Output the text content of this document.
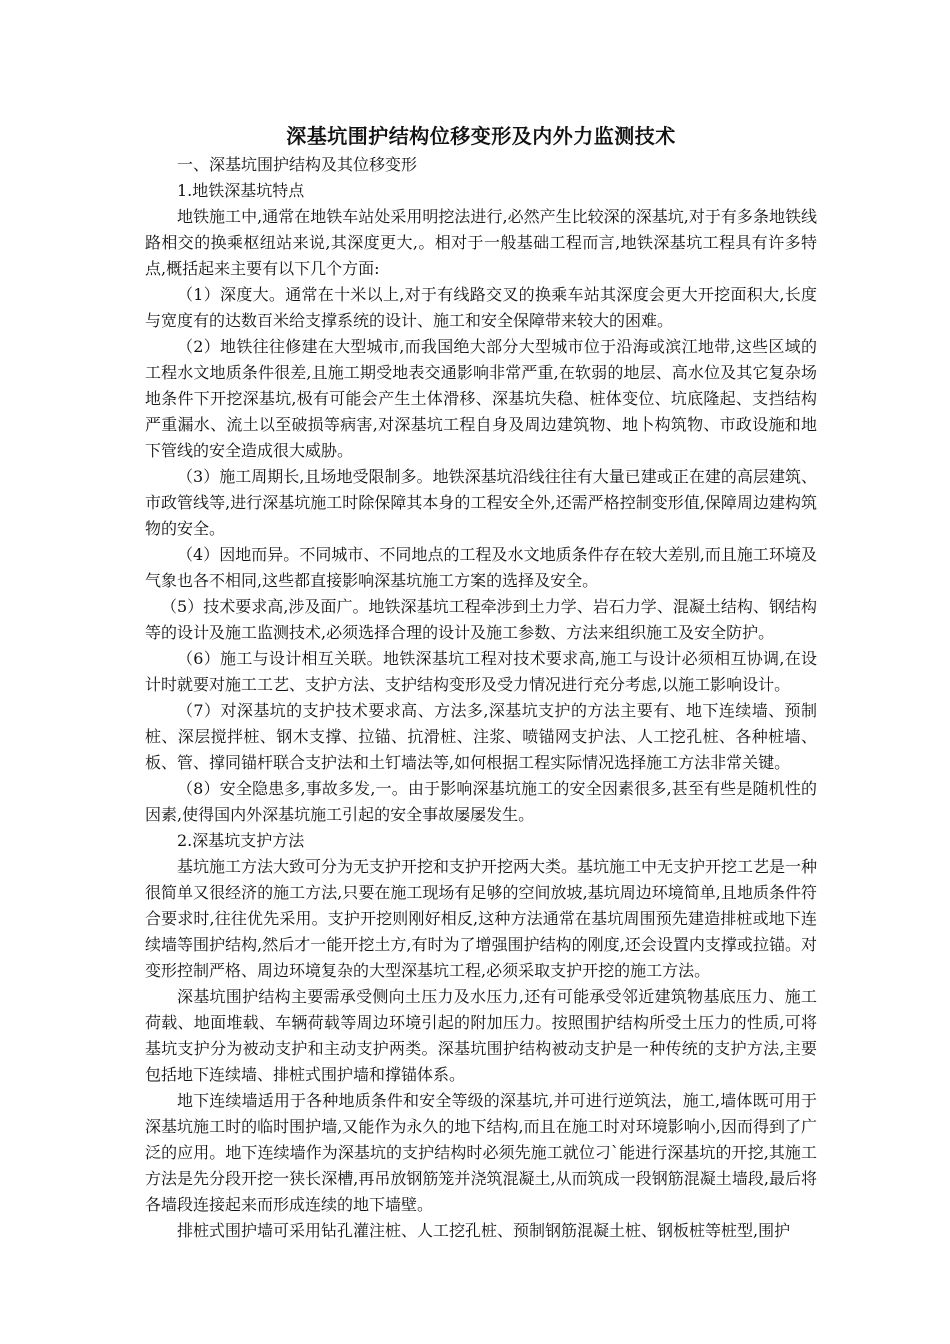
深基坑围护结构位移变形及内外力监测技术

一、深基坑围护结构及其位移变形

1.地铁深基坑特点

地铁施工中,通常在地铁车站处采用明挖法进行,必然产生比较深的深基坑,对于有多条地铁线路相交的换乘枢纽站来说,其深度更大,。相对于一般基础工程而言,地铁深基坑工程具有许多特点,概括起来主要有以下几个方面:

（1）深度大。通常在十米以上,对于有线路交叉的换乘车站其深度会更大开挖面积大,长度与宽度有的达数百米给支撑系统的设计、施工和安全保障带来较大的困难。

（2）地铁往往修建在大型城市,而我国绝大部分大型城市位于沿海或滨江地带,这些区域的工程水文地质条件很差,且施工期受地表交通影响非常严重,在软弱的地层、高水位及其它复杂场地条件下开挖深基坑,极有可能会产生土体滑移、深基坑失稳、桩体变位、坑底隆起、支挡结构严重漏水、流土以至破损等病害,对深基坑工程自身及周边建筑物、地卜构筑物、市政设施和地下管线的安全造成很大威胁。

（3）施工周期长,且场地受限制多。地铁深基坑沿线往往有大量已建或正在建的高层建筑、市政管线等,进行深基坑施工时除保障其本身的工程安全外,还需严格控制变形值,保障周边建构筑物的安全。

（4）因地而异。不同城市、不同地点的工程及水文地质条件存在较大差别,而且施工环境及气象也各不相同,这些都直接影响深基坑施工方案的选择及安全。

（5）技术要求高,涉及面广。地铁深基坑工程牵涉到土力学、岩石力学、混凝土结构、钢结构等的设计及施工监测技术,必须选择合理的设计及施工参数、方法来组织施工及安全防护。

（6）施工与设计相互关联。地铁深基坑工程对技术要求高,施工与设计必须相互协调,在设计时就要对施工工艺、支护方法、支护结构变形及受力情况进行充分考虑,以施工影响设计。

（7）对深基坑的支护技术要求高、方法多,深基坑支护的方法主要有、地下连续墙、预制桩、深层搅拌桩、钢木支撑、拉锚、抗滑桩、注浆、喷锚网支护法、人工挖孔桩、各种桩墙、板、管、撑同锚杆联合支护法和土钉墙法等,如何根据工程实际情况选择施工方法非常关键。

（8）安全隐患多,事故多发,一。由于影响深基坑施工的安全因素很多,甚至有些是随机性的因素,使得国内外深基坑施工引起的安全事故屡屡发生。

2.深基坑支护方法

基坑施工方法大致可分为无支护开挖和支护开挖两大类。基坑施工中无支护开挖工艺是一种很简单又很经济的施工方法,只要在施工现场有足够的空间放坡,基坑周边环境简单,且地质条件符合要求时,往往优先采用。支护开挖则刚好相反,这种方法通常在基坑周围预先建造排桩或地下连续墙等围护结构,然后才一能开挖土方,有时为了增强围护结构的刚度,还会设置内支撑或拉锚。对变形控制严格、周边环境复杂的大型深基坑工程,必须采取支护开挖的施工方法。

深基坑围护结构主要需承受侧向土压力及水压力,还有可能承受邻近建筑物基底压力、施工荷载、地面堆载、车辆荷载等周边环境引起的附加压力。按照围护结构所受土压力的性质,可将基坑支护分为被动支护和主动支护两类。深基坑围护结构被动支护是一种传统的支护方法,主要包括地下连续墙、排桩式围护墙和撑锚体系。

地下连续墙适用于各种地质条件和安全等级的深基坑,并可进行逆筑法，施工,墙体既可用于深基坑施工时的临时围护墙,又能作为永久的地下结构,而且在施工时对环境影响小,因而得到了广泛的应用。地下连续墙作为深基坑的支护结构时必须先施工就位刁`能进行深基坑的开挖,其施工方法是先分段开挖一狭长深槽,再吊放钢筋笼并浇筑混凝土,从而筑成一段钢筋混凝土墙段,最后将各墙段连接起来而形成连续的地下墙壁。

排桩式围护墙可采用钻孔灌注桩、人工挖孔桩、预制钢筋混凝土桩、钢板桩等桩型,围护
